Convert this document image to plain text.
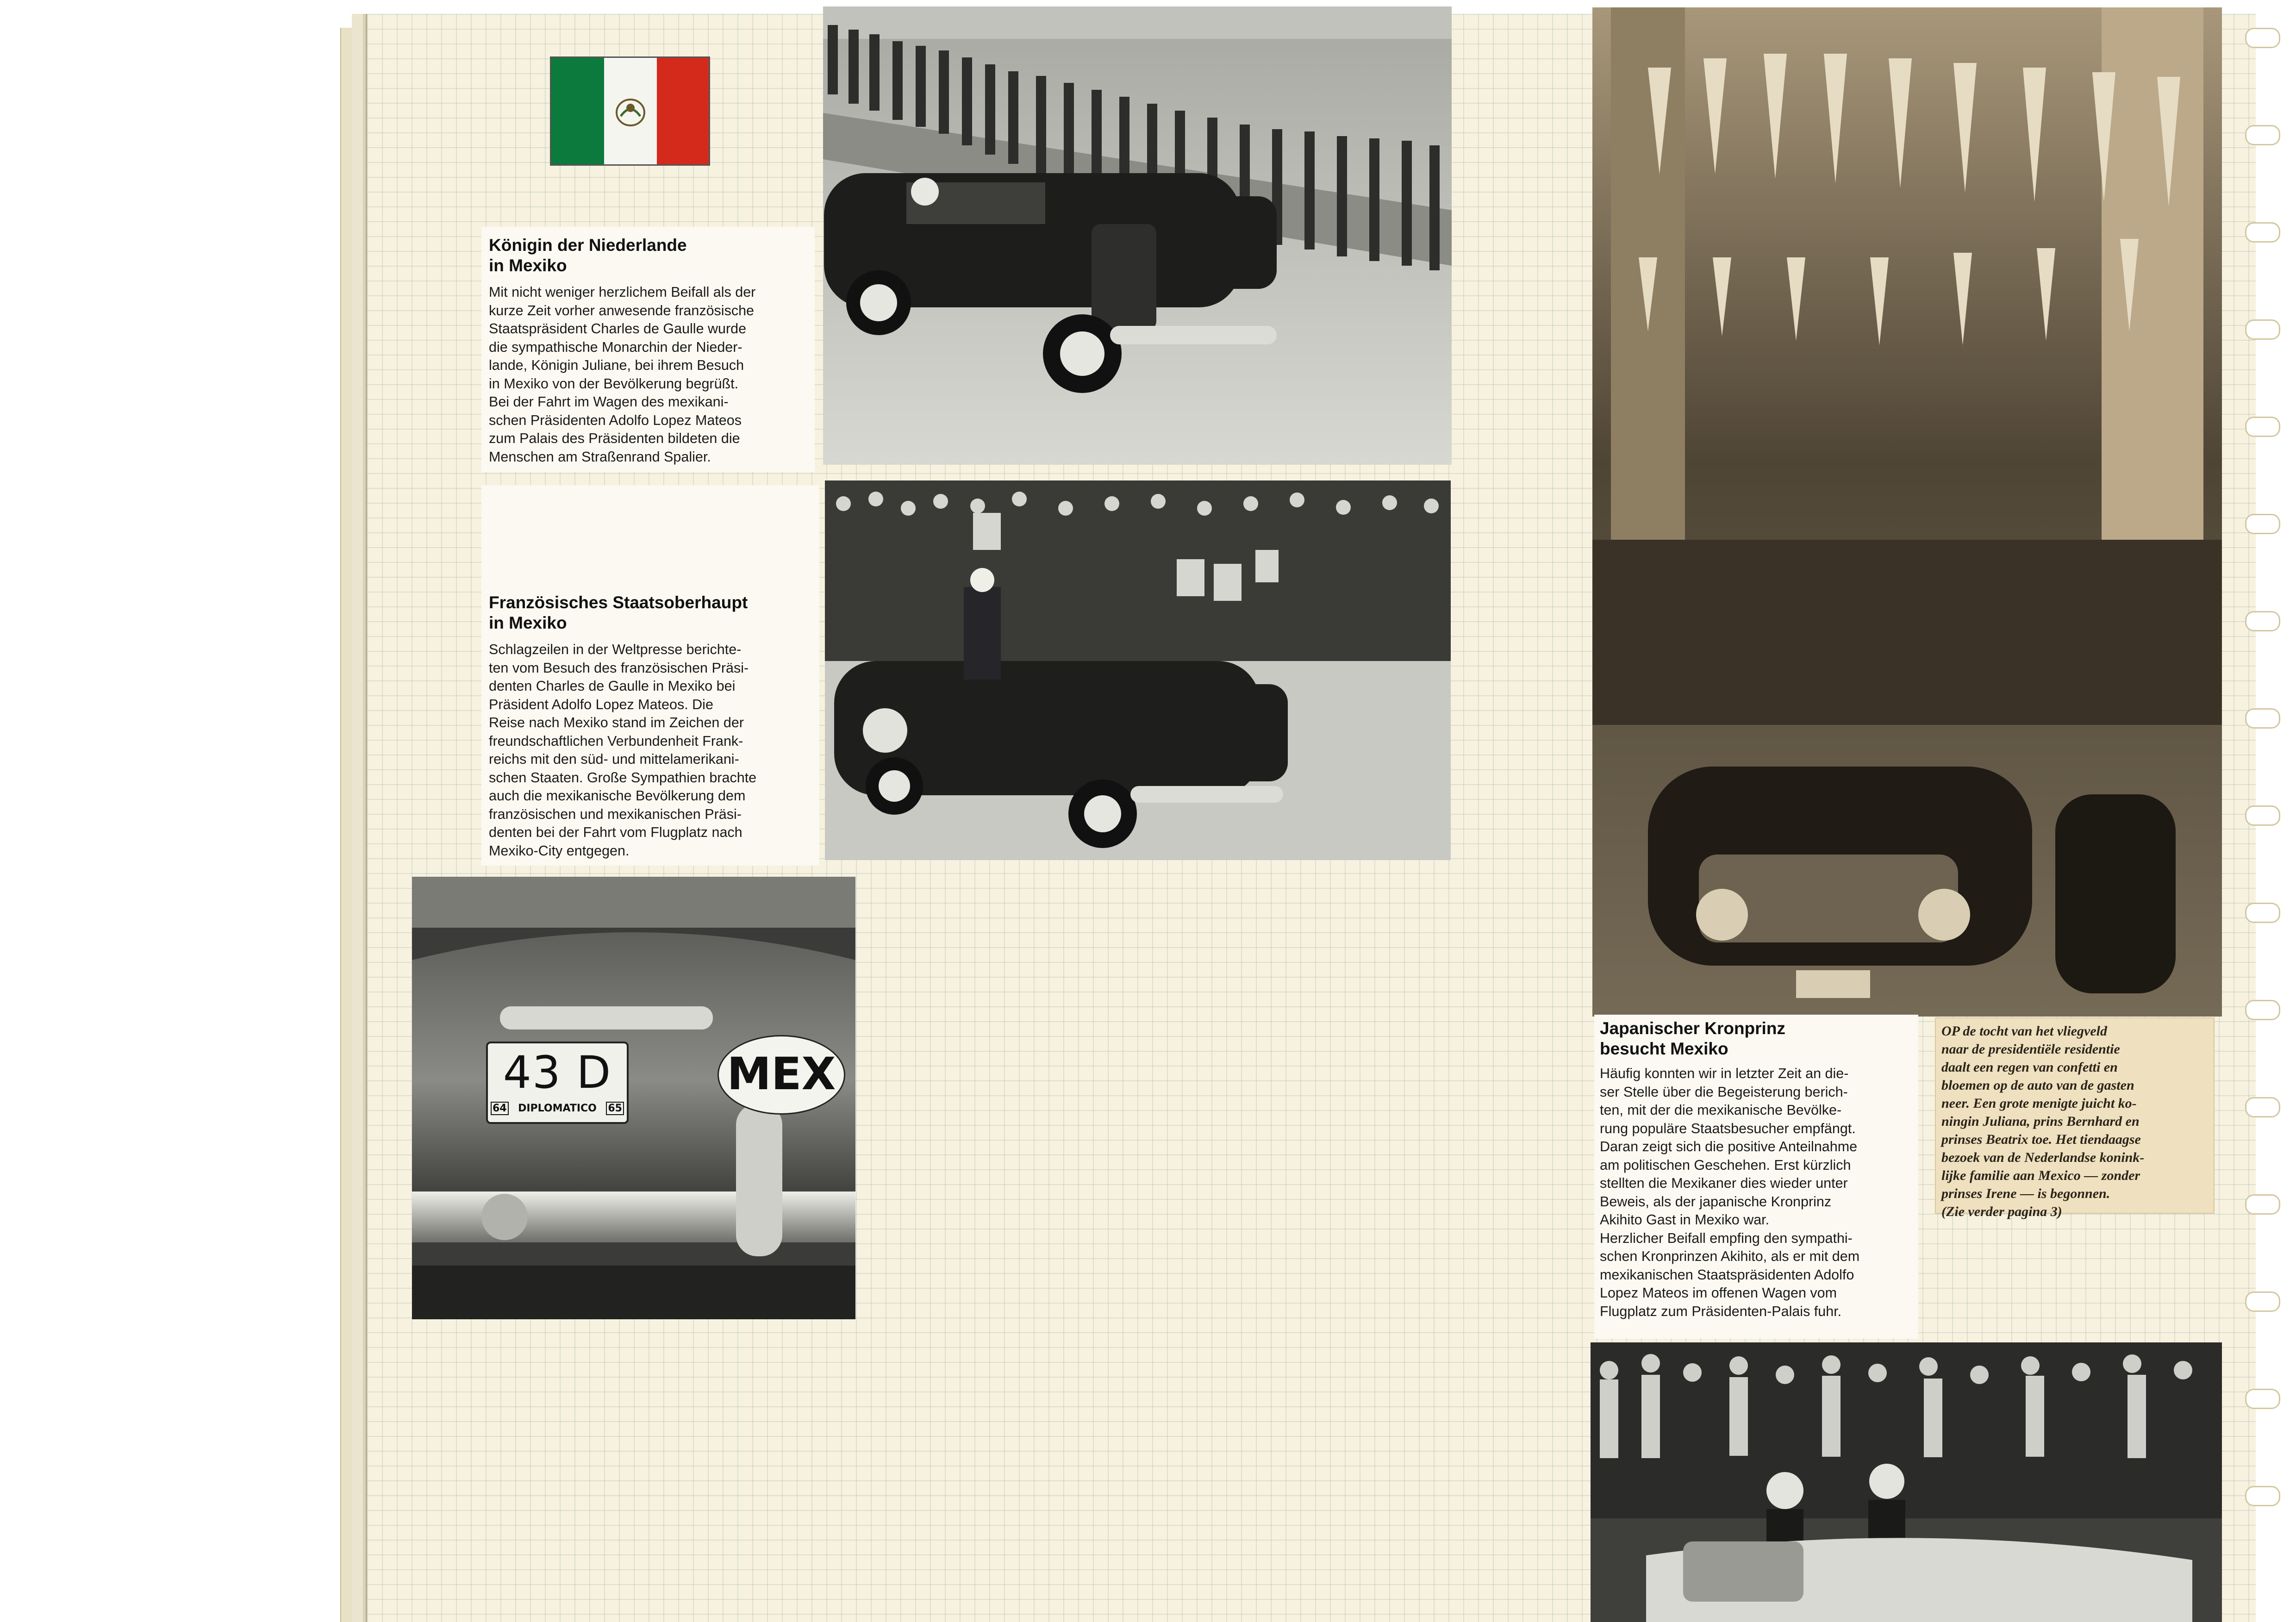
Königin der Niederlande
in Mexiko
Mit nicht weniger herzlichem Beifall als der
kurze Zeit vorher anwesende französische
Staatspräsident Charles de Gaulle wurde
die sympathische Monarchin der Nieder-
lande, Königin Juliane, bei ihrem Besuch
in Mexiko von der Bevölkerung begrüßt.
Bei der Fahrt im Wagen des mexikani-
schen Präsidenten Adolfo Lopez Mateos
zum Palais des Präsidenten bildeten die
Menschen am Straßenrand Spalier.
Französisches Staatsoberhaupt
in Mexiko
Schlagzeilen in der Weltpresse berichte-
ten vom Besuch des französischen Präsi-
denten Charles de Gaulle in Mexiko bei
Präsident Adolfo Lopez Mateos. Die
Reise nach Mexiko stand im Zeichen der
freundschaftlichen Verbundenheit Frank-
reichs mit den süd- und mittelamerikani-
schen Staaten. Große Sympathien brachte
auch die mexikanische Bevölkerung dem
französischen und mexikanischen Präsi-
denten bei der Fahrt vom Flugplatz nach
Mexiko-City entgegen.
43 D
64	DIPLOMATICO	65
MEX
Japanischer Kronprinz
besucht Mexiko
Häufig konnten wir in letzter Zeit an die-
ser Stelle über die Begeisterung berich-
ten, mit der die mexikanische Bevölke-
rung populäre Staatsbesucher empfängt.
Daran zeigt sich die positive Anteilnahme
am politischen Geschehen. Erst kürzlich
stellten die Mexikaner dies wieder unter
Beweis, als der japanische Kronprinz
Akihito Gast in Mexiko war.
Herzlicher Beifall empfing den sympathi-
schen Kronprinzen Akihito, als er mit dem
mexikanischen Staatspräsidenten Adolfo
Lopez Mateos im offenen Wagen vom
Flugplatz zum Präsidenten-Palais fuhr.
OP de tocht van het vliegveld
naar de presidentiële residentie
daalt een regen van confetti en
bloemen op de auto van de gasten
neer. Een grote menigte juicht ko-
ningin Juliana, prins Bernhard en
prinses Beatrix toe. Het tiendaagse
bezoek van de Nederlandse konink-
lijke familie aan Mexico — zonder
prinses Irene — is begonnen.
(Zie verder pagina 3)
